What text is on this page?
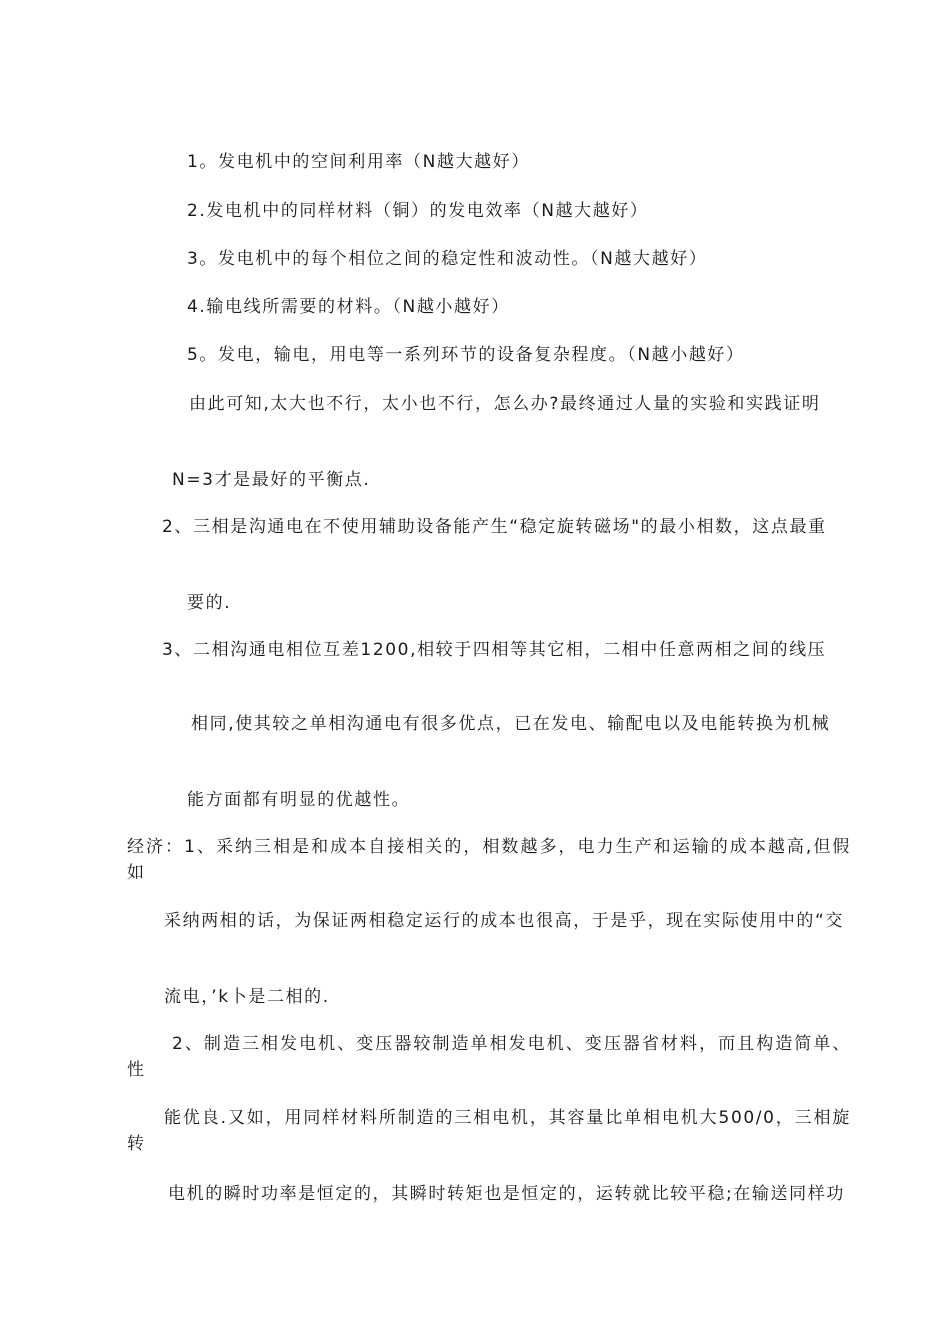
1。发电机中的空间利用率（N越大越好）
2.发电机中的同样材料（铜）的发电效率（N越大越好）
3。发电机中的每个相位之间的稳定性和波动性。（N越大越好）
4.输电线所需要的材料。（N越小越好）
5。发电，输电，用电等一系列环节的设备复杂程度。（N越小越好）
由此可知,太大也不行，太小也不行，怎么办?最终通过人量的实验和实践证明
N=3才是最好的平衡点.
2、三相是沟通电在不使用辅助设备能产生“稳定旋转磁场"的最小相数，这点最重
要的.
3、二相沟通电相位互差1200,相较于四相等其它相，二相中任意两相之间的线压
相同,使其较之单相沟通电有很多优点，已在发电、输配电以及电能转换为机械
能方面都有明显的优越性。
经济：1、采纳三相是和成本自接相关的，相数越多，电力生产和运输的成本越高,但假如
采纳两相的话，为保证两相稳定运行的成本也很高，于是乎，现在实际使用中的“交
流电，’k卜是二相的.
2、制造三相发电机、变压器较制造单相发电机、变压器省材料，而且构造简单、性
能优良.又如，用同样材料所制造的三相电机，其容量比单相电机大500/0，三相旋转
电机的瞬时功率是恒定的，其瞬时转矩也是恒定的，运转就比较平稳;在输送同样功
